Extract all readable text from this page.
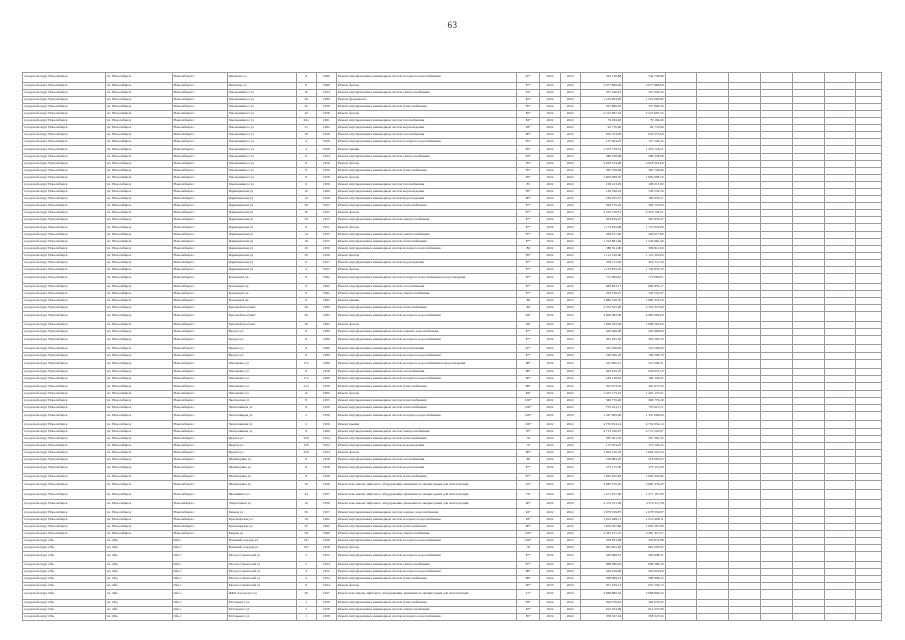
63
городской округ Новосибирск	г.п. Новосибирск	Новосибирск г	Филатова ул	8	1960	Ремонт внутридомовых инженерных систем холодного водоснабжения	87*	2022	2022	344 749,88	344 749,88							
городской округ Новосибирск	г.п. Новосибирск	Новосибирск г	Филатова ул	8	1960	Ремонт фасада	87*	2022	2022	2 077 866,00	2 077 866,00							
городской округ Новосибирск	г.п. Новосибирск	Новосибирск г	Хмельницкого ул	10	1954	Ремонт внутридомовых инженерных систем электроснабжения	81*	2022	2022	357 240,23	357 240,23							
городской округ Новосибирск	г.п. Новосибирск	Новосибирск г	Хмельницкого ул	20	1960	Ремонт фундамента	82*	2022	2022	1 219 063,82	1 219 063,82							
городской округ Новосибирск	г.п. Новосибирск	Новосибирск г	Хмельницкого ул	32	1958	Ремонт внутридомовых инженерных систем теплоснабжения	85*	2022	2022	357 860,20	357 860,20							
городской округ Новосибирск	г.п. Новосибирск	Новосибирск г	Хмельницкого ул	42	1958	Ремонт фасада	85*	2022	2022	2 213 097,52	2 213 097,52							
городской округ Новосибирск	г.п. Новосибирск	Новосибирск г	Хмельницкого ул	20а	1961	Ремонт внутридомовых инженерных систем газоснабжения	84*	2022	2022	79 184,40	79 184,40							
городской округ Новосибирск	г.п. Новосибирск	Новосибирск г	Хмельницкого ул	31	1962	Ремонт внутридомовых инженерных систем водоотведения	84*	2022	2022	92 770,60	92 770,60							
городской округ Новосибирск	г.п. Новосибирск	Новосибирск г	Хмельницкого ул	39	1958	Ремонт внутридомовых инженерных систем газоснабжения	80*	2022	2022	619 573,00	619 573,00							
городской округ Новосибирск	г.п. Новосибирск	Новосибирск г	Хмельницкого ул	4	1956	Ремонт внутридомовых инженерных систем холодного водоснабжения	85*	2022	2022	137 294,25	137 294,25							
городской округ Новосибирск	г.п. Новосибирск	Новосибирск г	Хмельницкого ул	4	1956	Ремонт крыши	85*	2022	2022	1 470 718,51	1 470 718,51							
городской округ Новосибирск	г.п. Новосибирск	Новосибирск г	Хмельницкого ул	6	1954	Ремонт внутридомовых инженерных систем электроснабжения	83*	2022	2022	289 558,08	289 558,08							
городской округ Новосибирск	г.п. Новосибирск	Новосибирск г	Хмельницкого ул	8	1956	Ремонт фасада	85*	2022	2022	4 618 314,09	4 618 314,09							
городской округ Новосибирск	г.п. Новосибирск	Новосибирск г	Хмельницкого ул	8	1956	Ремонт внутридомовых инженерных систем теплоснабжения	85*	2022	2022	365 749,06	365 749,06							
городской округ Новосибирск	г.п. Новосибирск	Новосибирск г	Хмельницкого ул	8	1958	Ремонт фасада	85*	2022	2022	1 602 908,70	1 602 908,70							
городской округ Новосибирск	г.п. Новосибирск	Новосибирск г	Хмельницкого ул	6	1956	Ремонт внутридомовых инженерных систем газоснабжения	85	2022	2022	198 213,00	198 213,00							
городской округ Новосибирск	г.п. Новосибирск	Новосибирск г	Ядринцевская ул	10	1960	Ремонт внутридомовых инженерных систем водоотведения	85*	2022	2022	136 556,16	136 556,16							
городской округ Новосибирск	г.п. Новосибирск	Новосибирск г	Ядринцевская ул	12	1956	Ремонт внутридомовых инженерных систем водоотведения	80*	2022	2022	190 932,57	190 932,57							
городской округ Новосибирск	г.п. Новосибирск	Новосибирск г	Ядринцевская ул	30	1955	Ремонт внутридомовых инженерных систем теплоснабжения	87*	2022	2022	364 735,04	364 735,04							
городской округ Новосибирск	г.п. Новосибирск	Новосибирск г	Ядринцевская ул	30	1955	Ремонт фасада	87*	2022	2022	4 319 728,51	4 319 728,51							
городской округ Новосибирск	г.п. Новосибирск	Новосибирск г	Ядринцевская ул	32	1955	Ремонт внутридомовых инженерных систем электроснабжения	87*	2022	2022	393 879,47	393 879,47							
городской округ Новосибирск	г.п. Новосибирск	Новосибирск г	Ядринцевская ул	8	1951	Ремонт фасада	87*	2022	2022	1 172 632,08	1 172 632,08							
городской округ Новосибирск	г.п. Новосибирск	Новосибирск г	Ядринцевская ул	14	1955	Ремонт внутридомовых инженерных систем электроснабжения	87*	2022	2022	206 617,60	206 617,60							
городской округ Новосибирск	г.п. Новосибирск	Новосибирск г	Ядринцевская ул	16	1955	Ремонт внутридомовых инженерных систем теплоснабжения	87*	2022	2022	1 323 681,40	1 323 681,40							
городской округ Новосибирск	г.п. Новосибирск	Новосибирск г	Ядринцевская ул	16	1956	Ремонт внутридомовых инженерных систем холодного водоснабжения	86	2022	2022	380 811,90	380 811,90							
городской округ Новосибирск	г.п. Новосибирск	Новосибирск г	Ядринцевская ул	56	1958	Ремонт фасада	85*	2022	2022	1 112 316,00	1 112 316,00							
городской округ Новосибирск	г.п. Новосибирск	Новосибирск г	Ядринцевская ул	6	1957	Ремонт внутридомовых инженерных систем водоотведения	87*	2022	2022	303 711,30	303 711,30							
городской округ Новосибирск	г.п. Новосибирск	Новосибирск г	Ядринцевская ул	4	1955	Ремонт фасада	87*	2022	2022	1 134 879,70	1 134 879,70							
городской округ Новосибирск	г.п. Новосибирск	Новосибирск г	Кольцевой пр	9	1962	Ремонт внутридомовых инженерных систем холодного водоснабжения и водоотведения	87*	2022	2022	772 099,67	772 099,67							
городской округ Новосибирск	г.п. Новосибирск	Новосибирск г	Кольцевой пр	9	1962	Ремонт внутридомовых инженерных систем газоснабжения	87*	2022	2022	682 853,17	682 853,17							
городской округ Новосибирск	г.п. Новосибирск	Новосибирск г	Кольцевой пр	9	1962	Ремонт внутридомовых инженерных систем электроснабжения	87*	2022	2022	343 516,47	343 516,47							
городской округ Новосибирск	г.п. Новосибирск	Новосибирск г	Кольцевой пр	9	1962	Ремонт крыши	89	2022	2022	1 882 316,79	1 882 316,79							
городской округ Новосибирск	г.п. Новосибирск	Новосибирск г	Красный проспект	20	1960	Ремонт внутридомовых инженерных систем теплоснабжения	89	2022	2022	2 352 537,99	2 352 537,99							
городской округ Новосибирск	г.п. Новосибирск	Новосибирск г	Красный проспект	20	1962	Ремонт внутридомовых инженерных систем холодного водоснабжения	94*	2022	2022	4 900 082,09	4 900 082,09							
городской округ Новосибирск	г.п. Новосибирск	Новосибирск г	Красный проспект	20	1962	Ремонт фасада	94*	2022	2022	1 969 502,00	1 969 502,00							
городской округ Новосибирск	г.п. Новосибирск	Новосибирск г	Фрунзе ул	8	1960	Ремонт внутридомовых инженерных систем горячего водоснабжения	87*	2022	2022	205 466,00	205 466,00							
городской округ Новосибирск	г.п. Новосибирск	Новосибирск г	Фрунзе ул	8	1960	Ремонт внутридомовых инженерных систем холодного водоснабжения	87*	2022	2022	302 295,50	302 295,50							
городской округ Новосибирск	г.п. Новосибирск	Новосибирск г	Фрунзе ул	8	1960	Ремонт внутридомовых инженерных систем водоотведения	87*	2022	2022	325 506,00	325 506,00							
городской округ Новосибирск	г.п. Новосибирск	Новосибирск г	Фрунзе ул	8	1960	Ремонт внутридомовых инженерных систем холодного водоснабжения	87*	2022	2022	199 366,76	199 366,76							
городской округ Новосибирск	г.п. Новосибирск	Новосибирск г	Чаплыгина ул	17а	1960	Ремонт внутридомовых инженерных систем холодного водоснабжения и водоотведения	88*	2022	2022	231 000,21	231 000,21							
городской округ Новосибирск	г.п. Новосибирск	Новосибирск г	Чаплыгина ул	8	1958	Ремонт внутридомовых инженерных систем газоснабжения	88*	2022	2022	629 619,70	629 619,70							
городской округ Новосибирск	г.п. Новосибирск	Новосибирск г	Чаплыгина ул	17а	1960	Ремонт внутридомовых инженерных систем холодного водоснабжения	90*	2022	2022	184 129,65	184 129,65							
городской округ Новосибирск	г.п. Новосибирск	Новосибирск г	Чаплыгина ул	21а	1958	Ремонт внутридомовых инженерных систем теплоснабжения	88*	2022	2022	361 073,50	361 073,50							
городской округ Новосибирск	г.п. Новосибирск	Новосибирск г	Чаплыгина ул	12	1960	Ремонт фасада	84*	2022	2022	1 452 175,01	1 452 175,01							
городской округ Новосибирск	г.п. Новосибирск	Новосибирск г	Чкаловская ул	8	1955	Ремонт внутридомовых инженерных систем теплоснабжения	100*	2022	2022	366 776,40	366 776,40							
городской округ Новосибирск	г.п. Новосибирск	Новосибирск г	Челюскинцев ул	8	1956	Ремонт внутридомовых инженерных систем теплоснабжения	100*	2022	2022	755 613,71	755 613,71							
городской округ Новосибирск	г.п. Новосибирск	Новосибирск г	Челюскинцев ул	2	1956	Ремонт внутридомовых инженерных систем холодного водоснабжения	100*	2022	2022	1 347 009,00	1 347 009,00							
городской округ Новосибирск	г.п. Новосибирск	Новосибирск г	Челюскинцев ул	2	1956	Ремонт крыши	100*	2022	2022	4 750 054,14	4 750 054,14							
городской округ Новосибирск	г.п. Новосибирск	Новосибирск г	Челюскинцев ул	8	1960	Ремонт внутридомовых инженерных систем электроснабжения	70*	2022	2022	4 713 520,97	4 713 520,97							
городской округ Новосибирск	г.п. Новосибирск	Новосибирск г	Фрунзе ул	23б	1954	Ремонт внутридомовых инженерных систем теплоснабжения	76	2022	2022	587 391,35	587 391,35							
городской округ Новосибирск	г.п. Новосибирск	Новосибирск г	Фрунзе ул	23б	1954	Ремонт внутридомовых инженерных систем водоотведения	76	2022	2022	172 204,25	172 204,25							
городской округ Новосибирск	г.п. Новосибирск	Новосибирск г	Фрунзе ул	23б	1954	Ремонт фасада	80*	2022	2022	1 604 210,54	1 604 210,54							
городской округ Новосибирск	г.п. Новосибирск	Новосибирск г	Шамшурина ул	8	1958	Ремонт внутридомовых инженерных систем газоснабжения	88	2022	2022	318 083,03	318 083,03							
городской округ Новосибирск	г.п. Новосибирск	Новосибирск г	Шамшурина ул	8	1958	Ремонт внутридомовых инженерных систем водоотведения	87*	2022	2022	273 115,30	273 115,30							
городской округ Новосибирск	г.п. Новосибирск	Новосибирск г	Шамшурина ул	8	1958	Ремонт внутридомовых инженерных систем теплоснабжения	87*	2022	2022	1 095 645,82	1 095 645,82							
городской округ Новосибирск	г.п. Новосибирск	Новосибирск г	Шамшурина ул	10	1956	Ремонт или замена лифтового оборудования, признанного непригодным для эксплуатации	42*	2022	2022	3 685 476,20	3 685 476,20							
городской округ Новосибирск	г.п. Новосибирск	Новосибирск г	Щетинкина ул	34	1955	Ремонт или замена лифтового оборудования, признанного непригодным для эксплуатации	74*	2022	2022	1 271 197,00	1 271 197,00							
городской округ Новосибирск	г.п. Новосибирск	Новосибирск г	Энергетиков ул	10	1959	Ремонт или замена лифтового оборудования, признанного непригодным для эксплуатации	60*	2022	2022	4 372 211,58	4 372 211,58							
городской округ Новосибирск	г.п. Новосибирск	Новосибирск г	Кирова ул	36	1957	Ремонт внутридомовых инженерных систем горячего водоснабжения	94*	2022	2022	1 678 559,87	1 678 559,87							
городской округ Новосибирск	г.п. Новосибирск	Новосибирск г	Красноярская ул	18	1962	Ремонт внутридомовых инженерных систем холодного водоснабжения	84*	2022	2022	1 612 608,11	1 612 608,11							
городской округ Новосибирск	г.п. Новосибирск	Новосибирск г	Красноярская ул	35	1962	Ремонт внутридомовых инженерных систем теплоснабжения	80*	2022	2022	1 834 397,80	1 834 397,80							
городской округ Новосибирск	г.п. Новосибирск	Новосибирск г	Кирова ул	28	1960	Ремонт внутридомовых инженерных систем электроснабжения	100*	2022	2022	2 381 415,37	2 381 415,37							
городской округ Обь	г.п. Обь	Обь г	Военный городок ул	147	1958	Ремонт внутридомовых инженерных систем холодного водоснабжения	100*	2022	2022	359 831,88	359 831,88							
городской округ Обь	г.п. Обь	Обь г	Военный городок ул	147	1958	Ремонт фасада	78	2022	2022	861 602,83	861 602,83							
городской округ Обь	г.п. Обь	Обь г	Моторостроителей ул	2	1954	Ремонт внутридомовых инженерных систем холодного водоснабжения	87*	2022	2022	200 698,31	200 698,31							
городской округ Обь	г.п. Обь	Обь г	Моторостроителей ул	2	1954	Ремонт внутридомовых инженерных систем электроснабжения	87*	2022	2022	698 380,20	698 380,20							
городской округ Обь	г.п. Обь	Обь г	Моторостроителей ул	3	1954	Ремонт внутридомовых инженерных систем холодного водоснабжения	88*	2022	2022	426 619,60	426 619,60							
городской округ Обь	г.п. Обь	Обь г	Моторостроителей ул	4	1954	Ремонт внутридомовых инженерных систем теплоснабжения	88*	2022	2022	298 908,23	298 908,23							
городской округ Обь	г.п. Обь	Обь г	Моторостроителей ул	6	1954	Ремонт фасада	90*	2022	2022	951 559,13	951 559,13							
городской округ Обь	г.п. Обь	Обь г	ЖКО Аэропорта ул	20	1957	Ремонт или замена лифтового оборудования, признанного непригодным для эксплуатации	51*	2022	2022	3 068 806,32	3 068 806,32							
городской округ Обь	г.п. Обь	Обь г	М.Горького ул	1	1958	Ремонт внутридомовых инженерных систем теплоснабжения	83*	2022	2022	394 076,45	394 076,45							
городской округ Обь	г.п. Обь	Обь г	М.Горького ул	3	1958	Ремонт внутридомовых инженерных систем электроснабжения	82*	2022	2022	612 072,09	612 072,09							
городской округ Обь	г.п. Обь	Обь г	М.Горького ул	1	1958	Ремонт внутридомовых инженерных систем холодного водоснабжения	85*	2022	2022	358 327,04	358 327,04							
